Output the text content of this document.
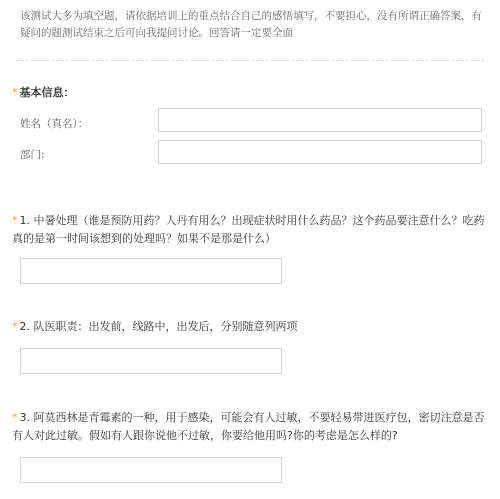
该测试大多为填空题，请依据培训上的重点结合自己的感悟填写，不要担心，没有所谓正确答案，有疑问的题测试结束之后可向我提问讨论。回答请一定要全面
* 基本信息：
姓名（真名）：
部门:
* 1. 中暑处理（谁是预防用药？人丹有用么？出现症状时用什么药品？这个药品要注意什么？吃药真的是第一时间该想到的处理吗？如果不是那是什么）
* 2. 队医职责：出发前，线路中，出发后，分别随意列两项
* 3. 阿莫西林是青霉素的一种，用于感染，可能会有人过敏，不要轻易带进医疗包，密切注意是否有人对此过敏。假如有人跟你说他不过敏，你要给他用吗?你的考虑是怎么样的?
